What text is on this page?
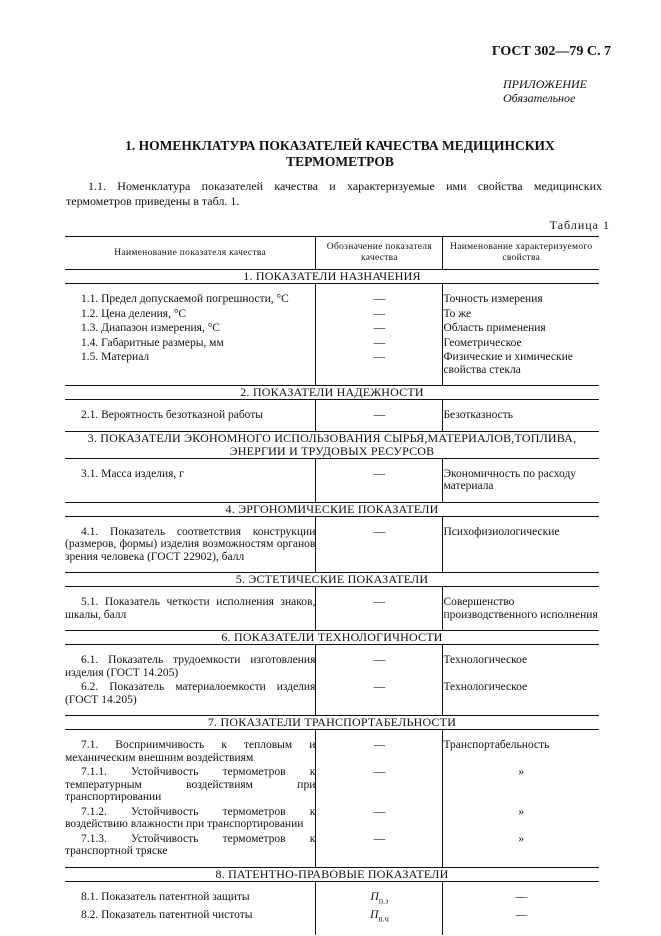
ГОСТ 302—79 С. 7
ПРИЛОЖЕНИЕ
Обязательное
1. НОМЕНКЛАТУРА ПОКАЗАТЕЛЕЙ КАЧЕСТВА МЕДИЦИНСКИХ
ТЕРМОМЕТРОВ
1.1. Номенклатура показателей качества и характеризуемые ими свойства медицинских термометров приведены в табл. 1.
Таблица 1
Наименование показателя качества	Обозначение показателя качества	Наименование характеризуемого свойства
1. ПОКАЗАТЕЛИ НАЗНАЧЕНИЯ		

1.1. Предел допускаемой погрешности, °С	—	Точность измерения
1.2. Цена деления, °С	—	То же
1.3. Диапазон измерения, °С	—	Область применения
1.4. Габаритные размеры, мм	—	Геометрическое
1.5. Материал	—	Физические и химические свойства стекла

2. ПОКАЗАТЕЛИ НАДЕЖНОСТИ		

2.1. Вероятность безотказной работы	—	Безотказность

3. ПОКАЗАТЕЛИ ЭКОНОМНОГО ИСПОЛЬЗОВАНИЯ СЫРЬЯ,МАТЕРИАЛОВ,ТОПЛИВА, ЭНЕРГИИ И ТРУДОВЫХ РЕСУРСОВ		

3.1. Масса изделия, г	—	Экономичность по расходу материала

4. ЭРГОНОМИЧЕСКИЕ ПОКАЗАТЕЛИ		

4.1. Показатель соответствия конструкции (размеров, формы) изделия возможностям органов зрения человека (ГОСТ 22902), балл	—	Психофизиологические

5. ЭСТЕТИЧЕСКИЕ ПОКАЗАТЕЛИ		

5.1. Показатель четкости исполнения знаков, шкалы, балл	—	Совершенство производственного исполнения

6. ПОКАЗАТЕЛИ ТЕХНОЛОГИЧНОСТИ		

6.1. Показатель трудоемкости изготовления изделия (ГОСТ 14.205)	—	Технологическое
6.2. Показатель материалоемкости изделия (ГОСТ 14.205)	—	Технологическое

7. ПОКАЗАТЕЛИ ТРАНСПОРТАБЕЛЬНОСТИ		

7.1. Восприимчивость к тепловым и механическим внешним воздействиям	—	Транспортабельность
7.1.1. Устойчивость термометров к температурным воздействиям при транспортировании	—	»
7.1.2. Устойчивость термометров к воздействию влажности при транспортировании	—	»
7.1.3. Устойчивость термометров к транспортной тряске	—	»

8. ПАТЕНТНО-ПРАВОВЫЕ ПОКАЗАТЕЛИ		

8.1. Показатель патентной защиты	$П_{п.з}$	—
8.2. Показатель патентной чистоты	$П_{п.ч}$	—
